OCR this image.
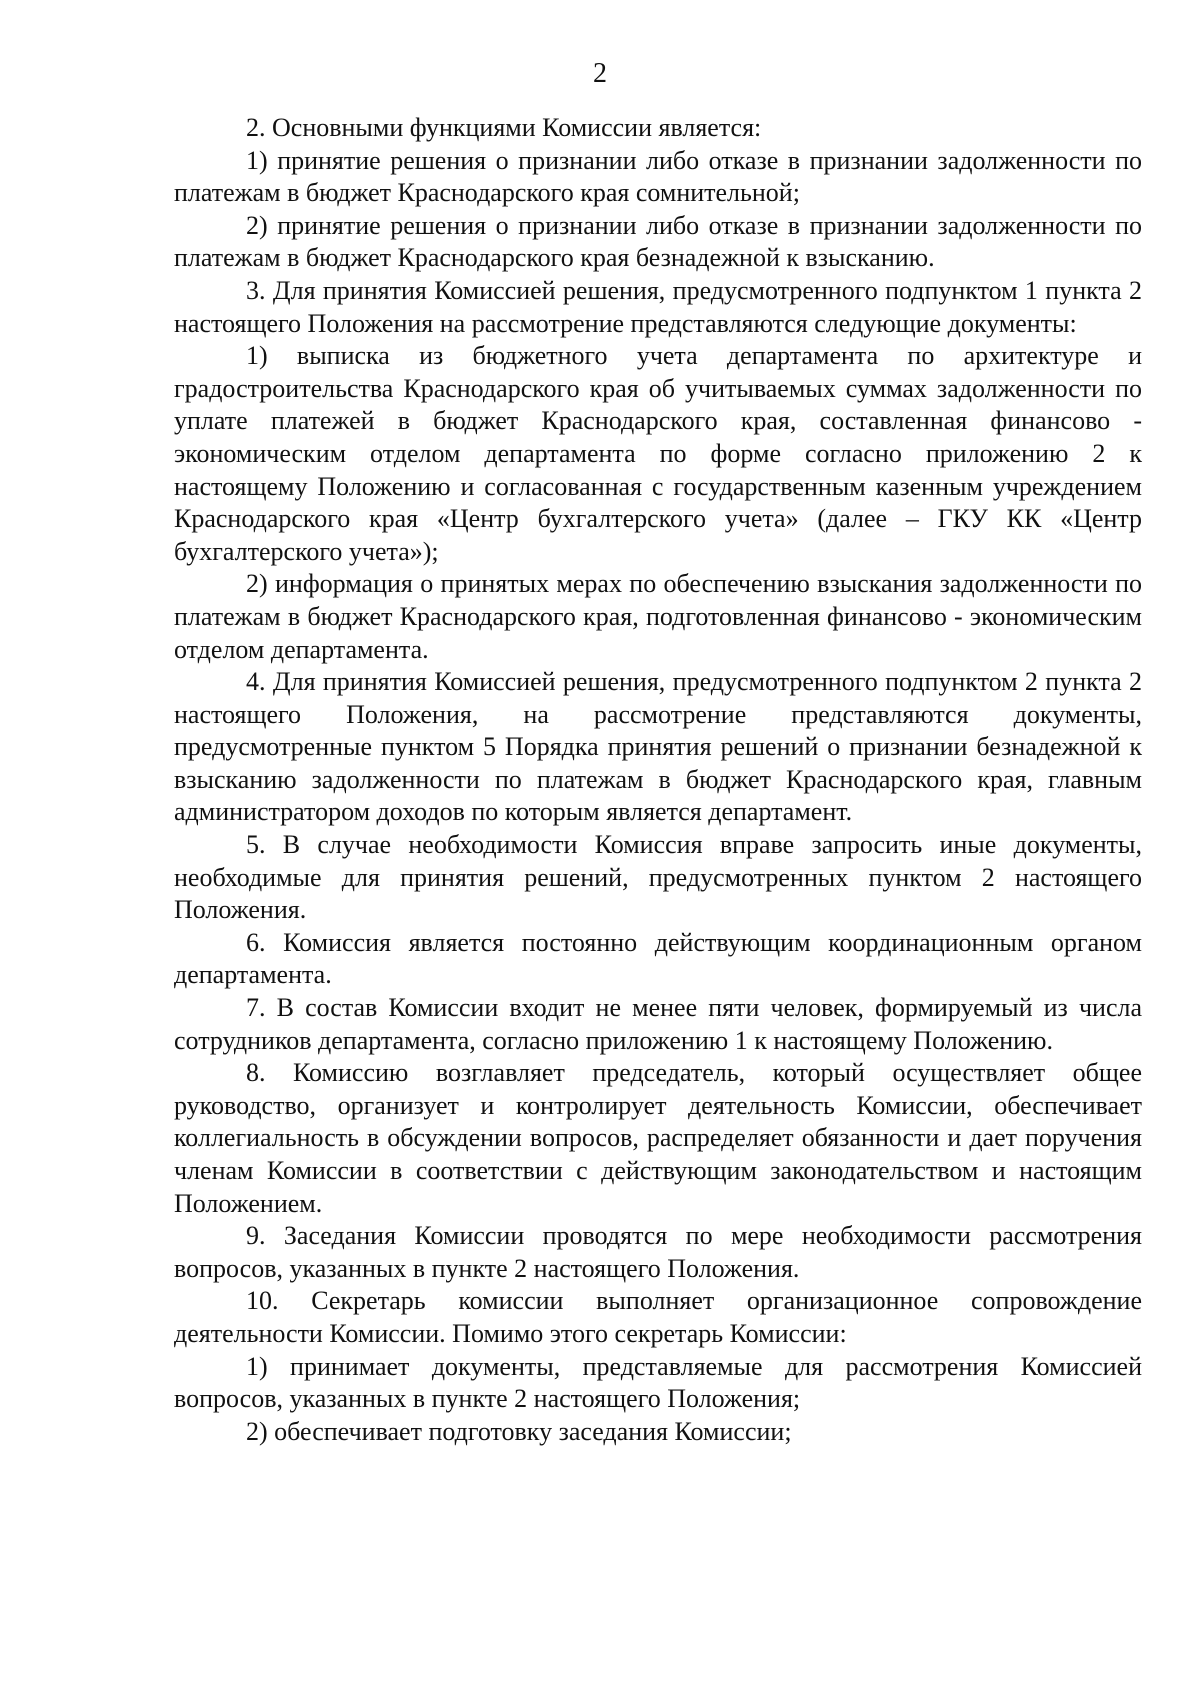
2

2. Основными функциями Комиссии является:

1) принятие решения о признании либо отказе в признании задолженности по платежам в бюджет Краснодарского края сомнительной;

2) принятие решения о признании либо отказе в признании задолженности по платежам в бюджет Краснодарского края безнадежной к взысканию.

3. Для принятия Комиссией решения, предусмотренного подпунктом 1 пункта 2 настоящего Положения на рассмотрение представляются следующие документы:

1) выписка из бюджетного учета департамента по архитектуре и градостроительства Краснодарского края об учитываемых суммах задолженности по уплате платежей в бюджет Краснодарского края, составленная финансово - экономическим отделом департамента по форме согласно приложению 2 к настоящему Положению и согласованная с государственным казенным учреждением Краснодарского края «Центр бухгалтерского учета» (далее – ГКУ КК «Центр бухгалтерского учета»);

2) информация о принятых мерах по обеспечению взыскания задолженности по платежам в бюджет Краснодарского края, подготовленная финансово - экономическим отделом департамента.

4. Для принятия Комиссией решения, предусмотренного подпунктом 2 пункта 2 настоящего Положения, на рассмотрение представляются документы, предусмотренные пунктом 5 Порядка принятия решений о признании безнадежной к взысканию задолженности по платежам в бюджет Краснодарского края, главным администратором доходов по которым является департамент.

5. В случае необходимости Комиссия вправе запросить иные документы, необходимые для принятия решений, предусмотренных пунктом 2 настоящего Положения.

6. Комиссия является постоянно действующим координационным органом департамента.

7. В состав Комиссии входит не менее пяти человек, формируемый из числа сотрудников департамента, согласно приложению 1 к настоящему Положению.

8. Комиссию возглавляет председатель, который осуществляет общее руководство, организует и контролирует деятельность Комиссии, обеспечивает коллегиальность в обсуждении вопросов, распределяет обязанности и дает поручения членам Комиссии в соответствии с действующим законодательством и настоящим Положением.

9. Заседания Комиссии проводятся по мере необходимости рассмотрения вопросов, указанных в пункте 2 настоящего Положения.

10. Секретарь комиссии выполняет организационное сопровождение деятельности Комиссии. Помимо этого секретарь Комиссии:

1) принимает документы, представляемые для рассмотрения Комиссией вопросов, указанных в пункте 2 настоящего Положения;

2) обеспечивает подготовку заседания Комиссии;
